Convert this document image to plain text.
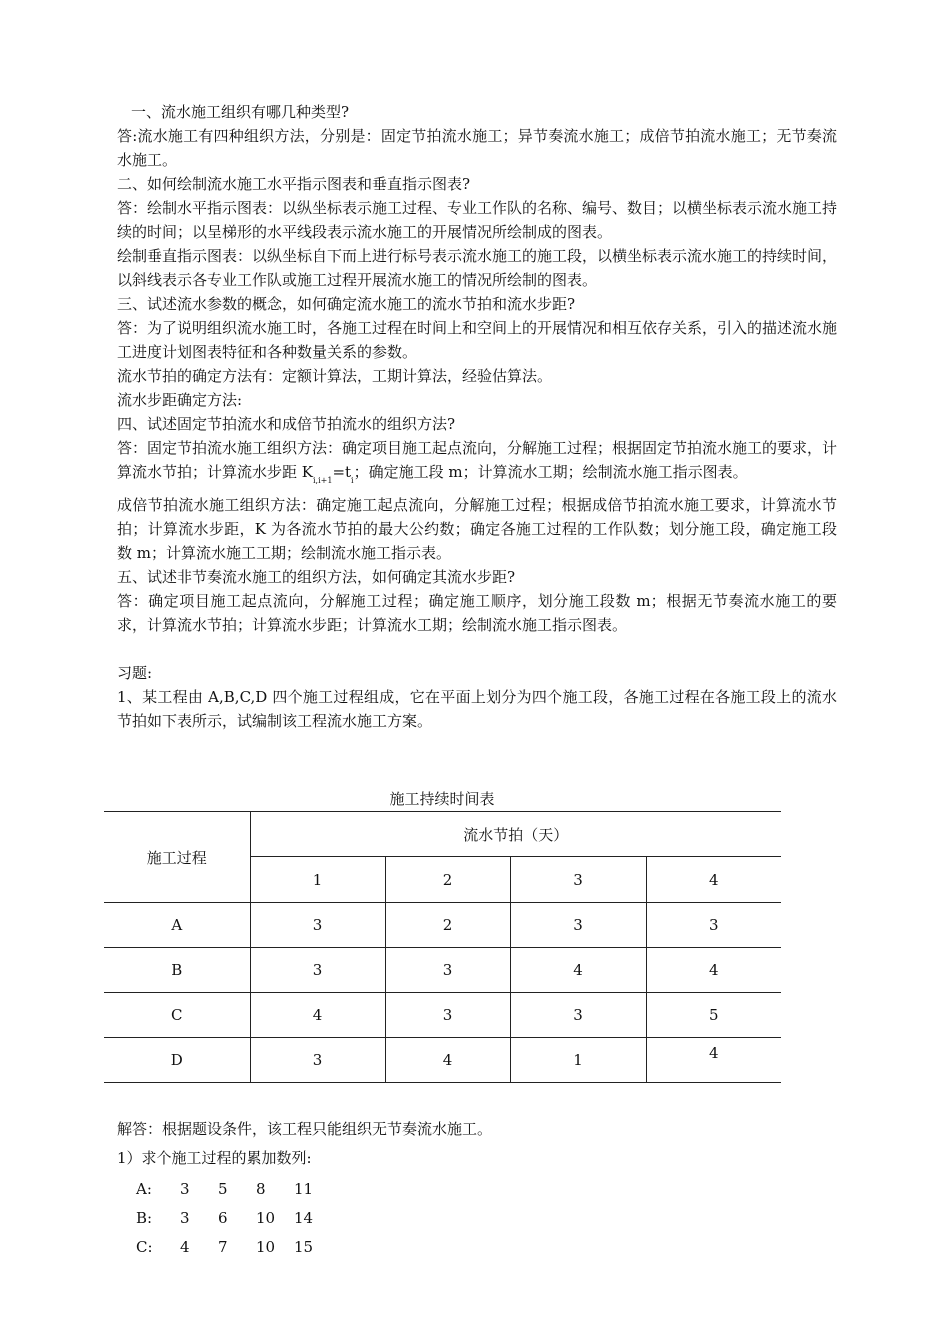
一、流水施工组织有哪几种类型?

答:流水施工有四种组织方法，分别是：固定节拍流水施工；异节奏流水施工；成倍节拍流水施工；无节奏流水施工。

二、如何绘制流水施工水平指示图表和垂直指示图表?

答：绘制水平指示图表：以纵坐标表示施工过程、专业工作队的名称、编号、数目；以横坐标表示流水施工持续的时间；以呈梯形的水平线段表示流水施工的开展情况所绘制成的图表。

绘制垂直指示图表：以纵坐标自下而上进行标号表示流水施工的施工段，以横坐标表示流水施工的持续时间，以斜线表示各专业工作队或施工过程开展流水施工的情况所绘制的图表。

三、试述流水参数的概念，如何确定流水施工的流水节拍和流水步距?

答：为了说明组织流水施工时，各施工过程在时间上和空间上的开展情况和相互依存关系，引入的描述流水施工进度计划图表特征和各种数量关系的参数。

流水节拍的确定方法有：定额计算法，工期计算法，经验估算法。

流水步距确定方法:

四、试述固定节拍流水和成倍节拍流水的组织方法?

答：固定节拍流水施工组织方法：确定项目施工起点流向，分解施工过程；根据固定节拍流水施工的要求，计算流水节拍；计算流水步距 $K_{i,i+1}=t_i$；确定施工段 m；计算流水工期；绘制流水施工指示图表。

成倍节拍流水施工组织方法：确定施工起点流向，分解施工过程；根据成倍节拍流水施工要求，计算流水节拍；计算流水步距，K 为各流水节拍的最大公约数；确定各施工过程的工作队数；划分施工段，确定施工段数 m；计算流水施工工期；绘制流水施工指示表。

五、试述非节奏流水施工的组织方法，如何确定其流水步距?

答：确定项目施工起点流向，分解施工过程；确定施工顺序，划分施工段数 m；根据无节奏流水施工的要求，计算流水节拍；计算流水步距；计算流水工期；绘制流水施工指示图表。

习题:

1、某工程由 A,B,C,D 四个施工过程组成，它在平面上划分为四个施工段，各施工过程在各施工段上的流水节拍如下表所示，试编制该工程流水施工方案。

施工持续时间表
施工过程	流水节拍（天）			
	1	2	3	4
A	3	2	3	3
B	3	3	4	4
C	4	3	3	5
D	3	4	1	4

解答：根据题设条件，该工程只能组织无节奏流水施工。

1）求个施工过程的累加数列:

A:	3	5	8	11
B:	3	6	10	14
C:	4	7	10	15
